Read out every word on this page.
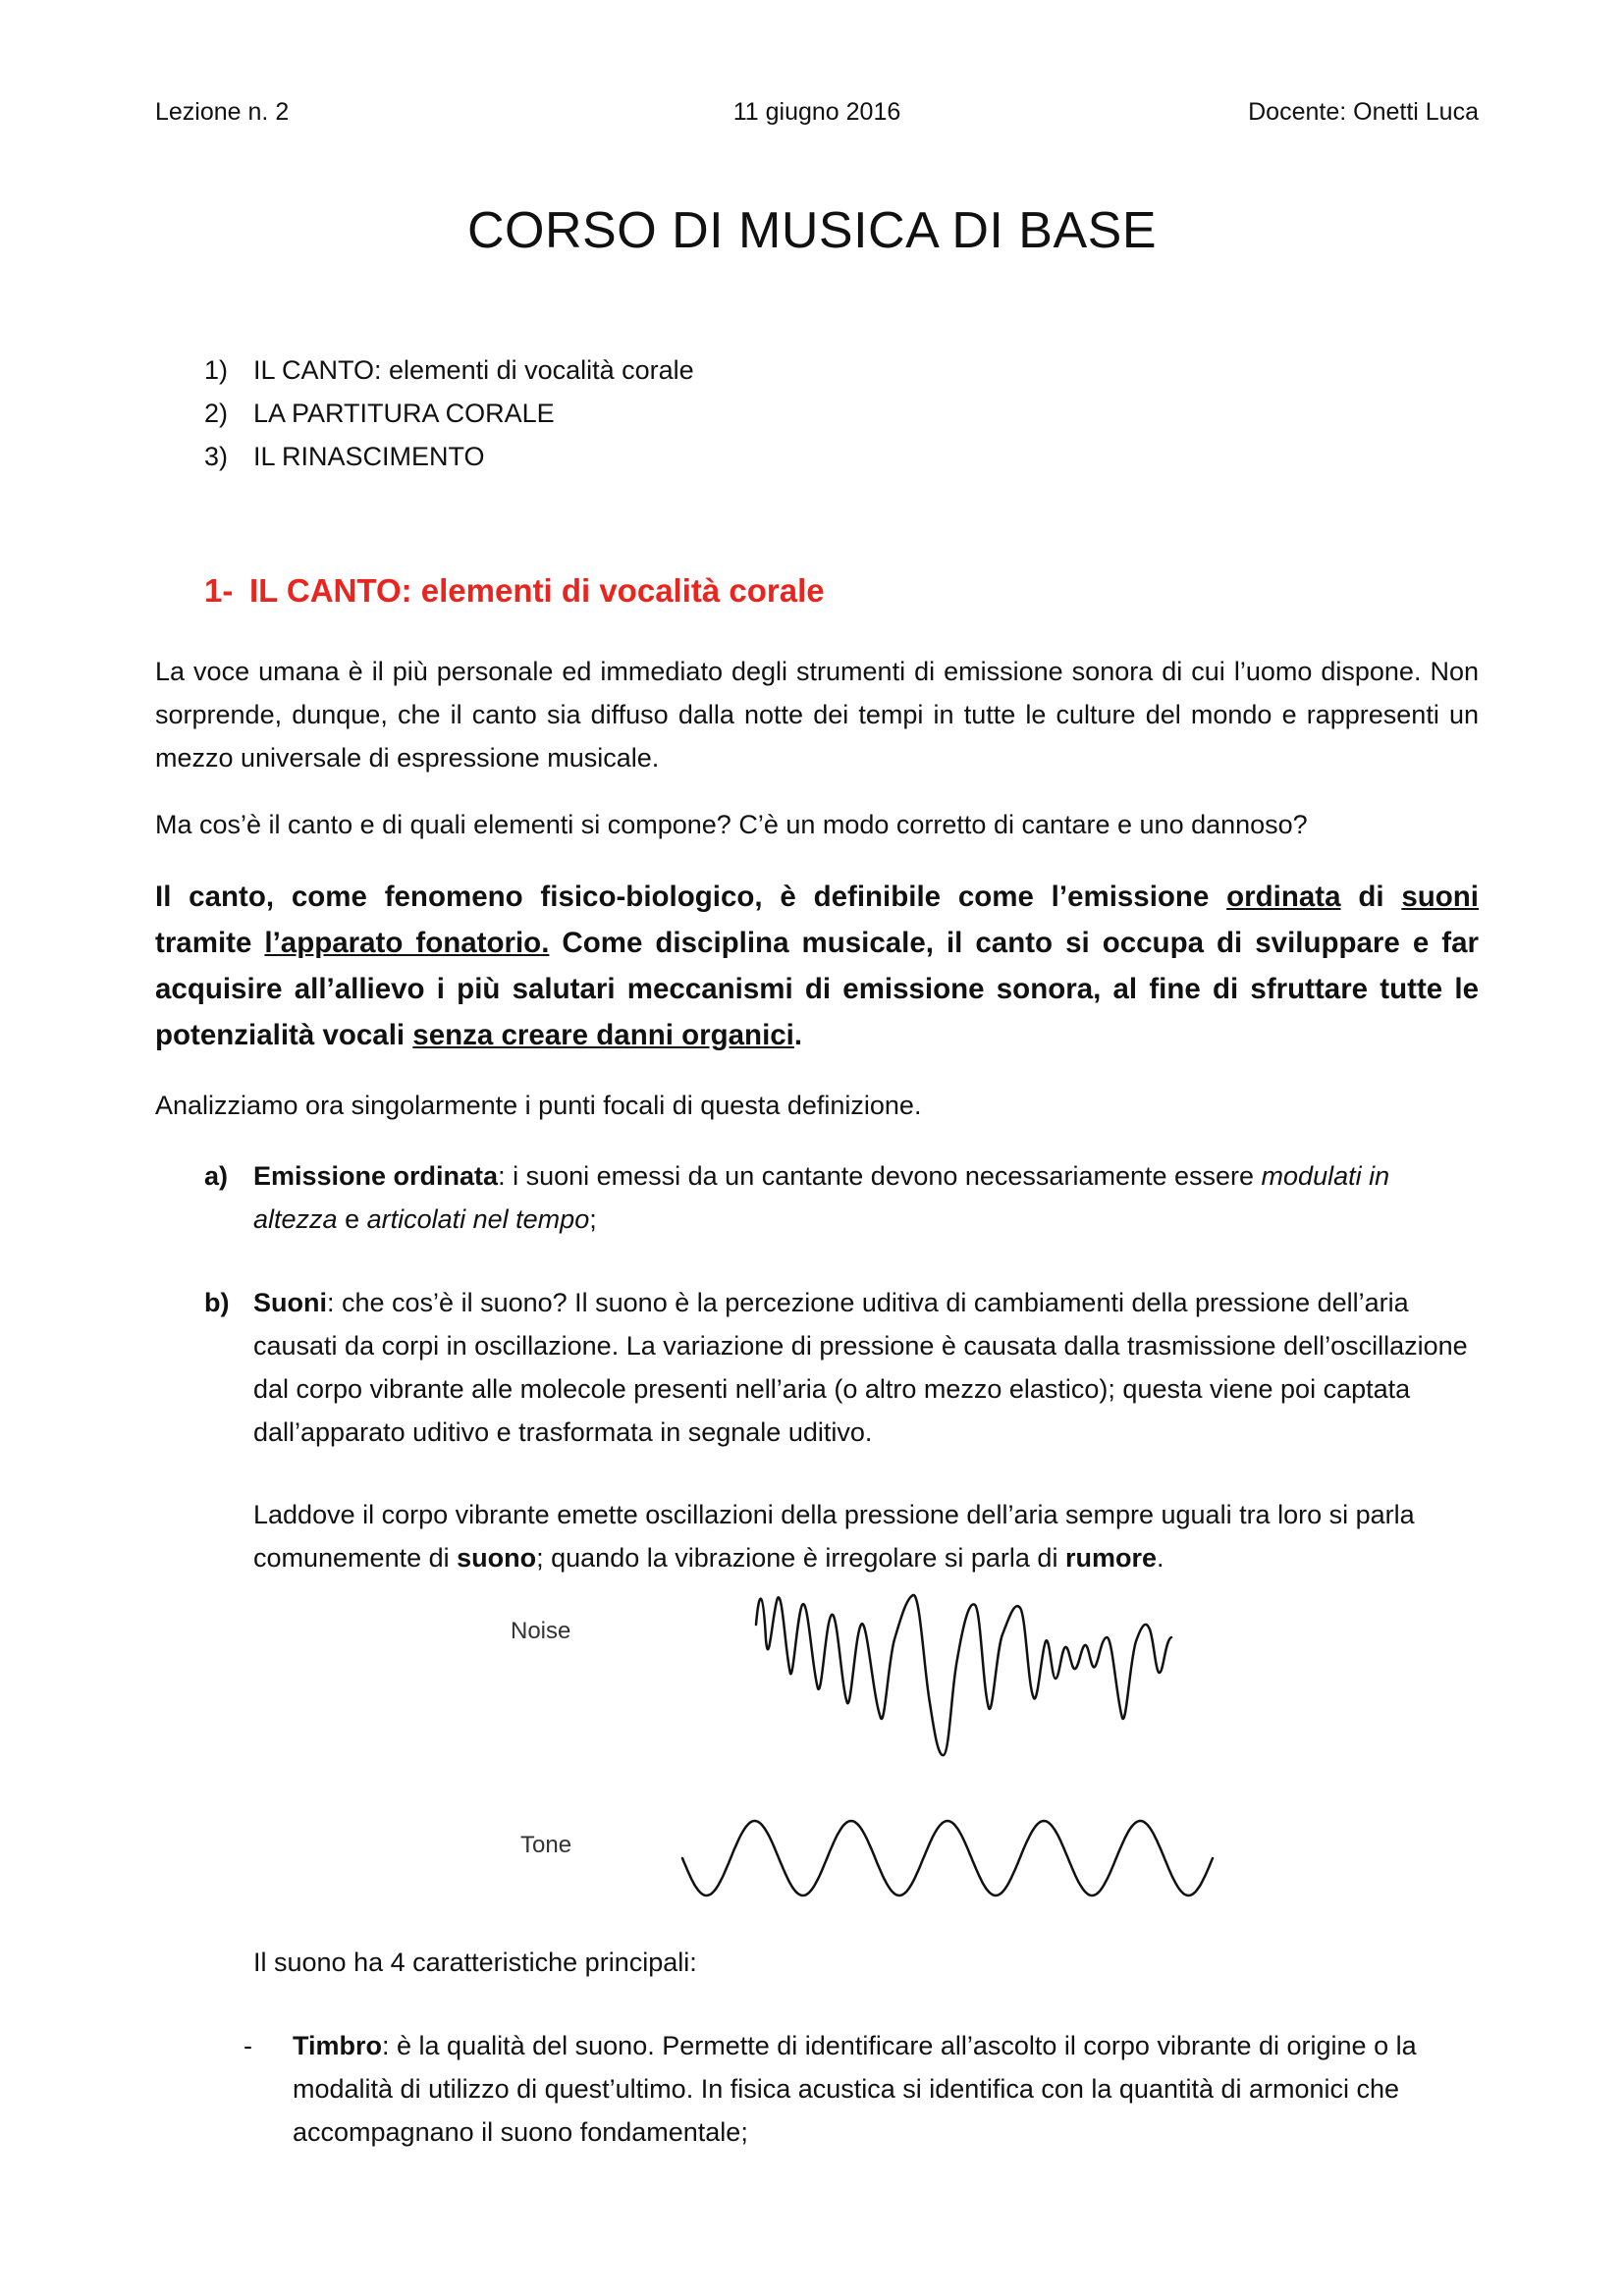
Lezione n. 2	11 giugno 2016	Docente: Onetti Luca
CORSO DI MUSICA DI BASE
1) IL CANTO: elementi di vocalità corale
2) LA PARTITURA CORALE
3) IL RINASCIMENTO
1- IL CANTO: elementi di vocalità corale
La voce umana è il più personale ed immediato degli strumenti di emissione sonora di cui l’uomo dispone. Non sorprende, dunque, che il canto sia diffuso dalla notte dei tempi in tutte le culture del mondo e rappresenti un mezzo universale di espressione musicale.
Ma cos’è il canto e di quali elementi si compone? C’è un modo corretto di cantare e uno dannoso?
Il canto, come fenomeno fisico-biologico, è definibile come l’emissione ordinata di suoni tramite l’apparato fonatorio. Come disciplina musicale, il canto si occupa di sviluppare e far acquisire all’allievo i più salutari meccanismi di emissione sonora, al fine di sfruttare tutte le potenzialità vocali senza creare danni organici.
Analizziamo ora singolarmente i punti focali di questa definizione.
a) Emissione ordinata: i suoni emessi da un cantante devono necessariamente essere modulati in altezza e articolati nel tempo;
b) Suoni: che cos’è il suono? Il suono è la percezione uditiva di cambiamenti della pressione dell’aria causati da corpi in oscillazione. La variazione di pressione è causata dalla trasmissione dell’oscillazione dal corpo vibrante alle molecole presenti nell’aria (o altro mezzo elastico); questa viene poi captata dall’apparato uditivo e trasformata in segnale uditivo.
Laddove il corpo vibrante emette oscillazioni della pressione dell’aria sempre uguali tra loro si parla comunemente di suono; quando la vibrazione è irregolare si parla di rumore.
Noise
Tone
Il suono ha 4 caratteristiche principali:
- Timbro: è la qualità del suono. Permette di identificare all’ascolto il corpo vibrante di origine o la modalità di utilizzo di quest’ultimo. In fisica acustica si identifica con la quantità di armonici che accompagnano il suono fondamentale;
